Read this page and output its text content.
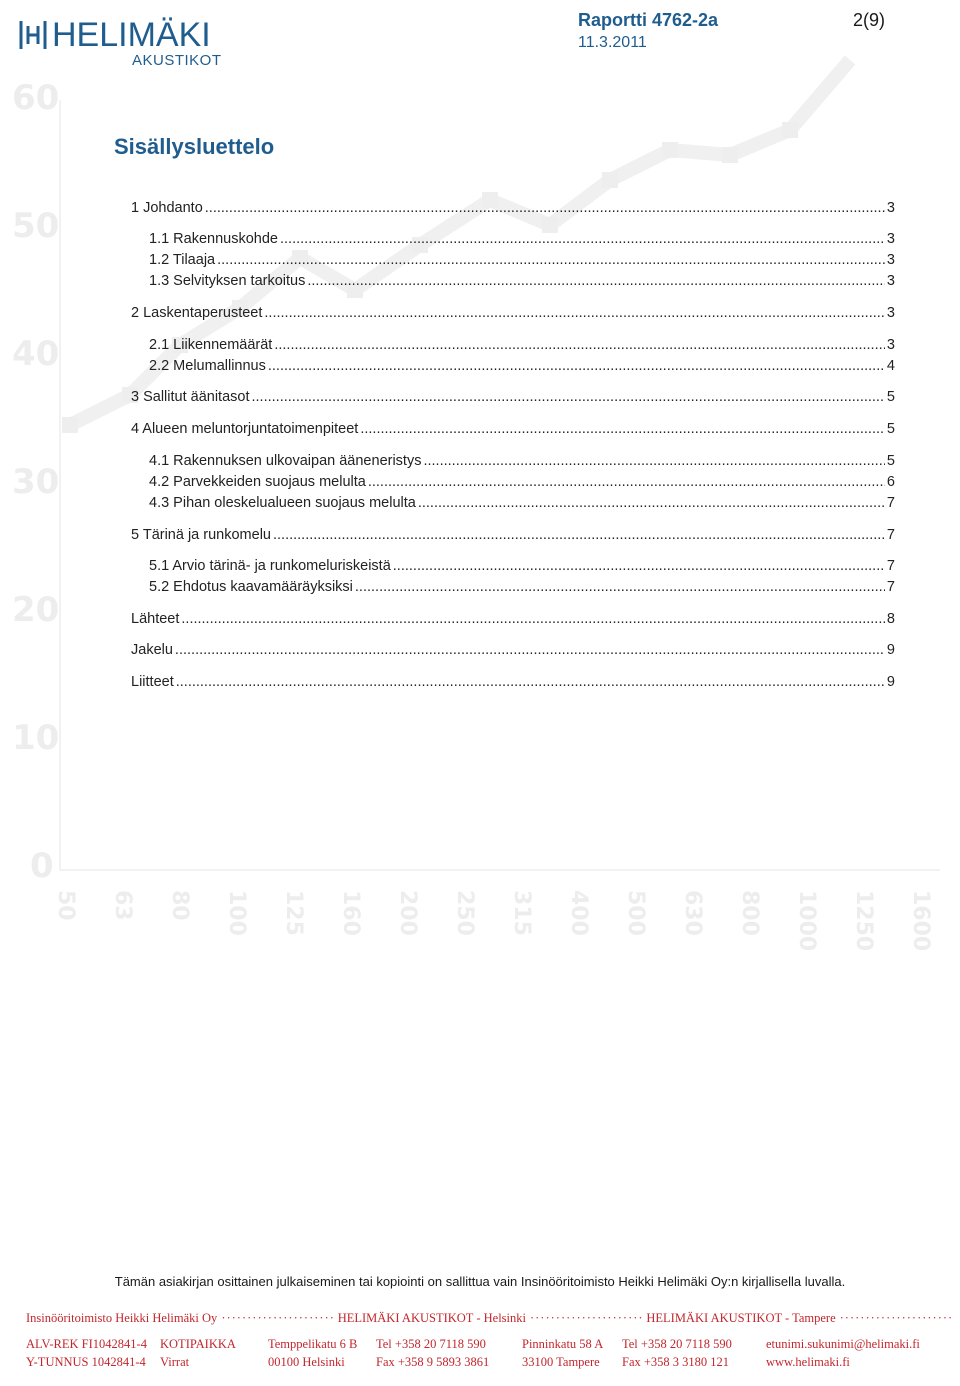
60
50
40
30
20
10
0
50 63 80 100 125 160 200 250 315 400 500 630 800 1000 1250 1600
HELIMÄKI
AKUSTIKOT
Raportti 4762-2a
11.3.2011
2(9)
Sisällysluettelo
1 Johdanto .....	3
1.1 Rakennuskohde .....	3
1.2 Tilaaja .....	3
1.3 Selvityksen tarkoitus .....	3
2 Laskentaperusteet .....	3
2.1 Liikennemäärät .....	3
2.2 Melumallinnus .....	4
3 Sallitut äänitasot .....	5
4 Alueen meluntorjuntatoimenpiteet .....	5
4.1 Rakennuksen ulkovaipan ääneneristys .....	5
4.2 Parvekkeiden suojaus melulta .....	6
4.3 Pihan oleskelualueen suojaus melulta .....	7
5 Tärinä ja runkomelu .....	7
5.1 Arvio tärinä- ja runkomeluriskeistä .....	7
5.2 Ehdotus kaavamääräyksiksi .....	7
Lähteet .....	8
Jakelu .....	9
Liitteet .....	9
Tämän asiakirjan osittainen julkaiseminen tai kopiointi on sallittua vain Insinööritoimisto Heikki Helimäki Oy:n kirjallisella luvalla.
Insinööritoimisto Heikki Helimäki Oy ·····	HELIMÄKI AKUSTIKOT - Helsinki ·····	HELIMÄKI AKUSTIKOT - Tampere
·····
ALV-REK FI1042841-4
Y-TUNNUS 1042841-4
KOTIPAIKKA
Virrat
Temppelikatu 6 B
00100 Helsinki
Tel +358 20 7118 590
Fax +358 9 5893 3861
Pinninkatu 58 A
33100 Tampere
Tel +358 20 7118 590
Fax +358 3 3180 121
etunimi.sukunimi@helimaki.fi
www.helimaki.fi
